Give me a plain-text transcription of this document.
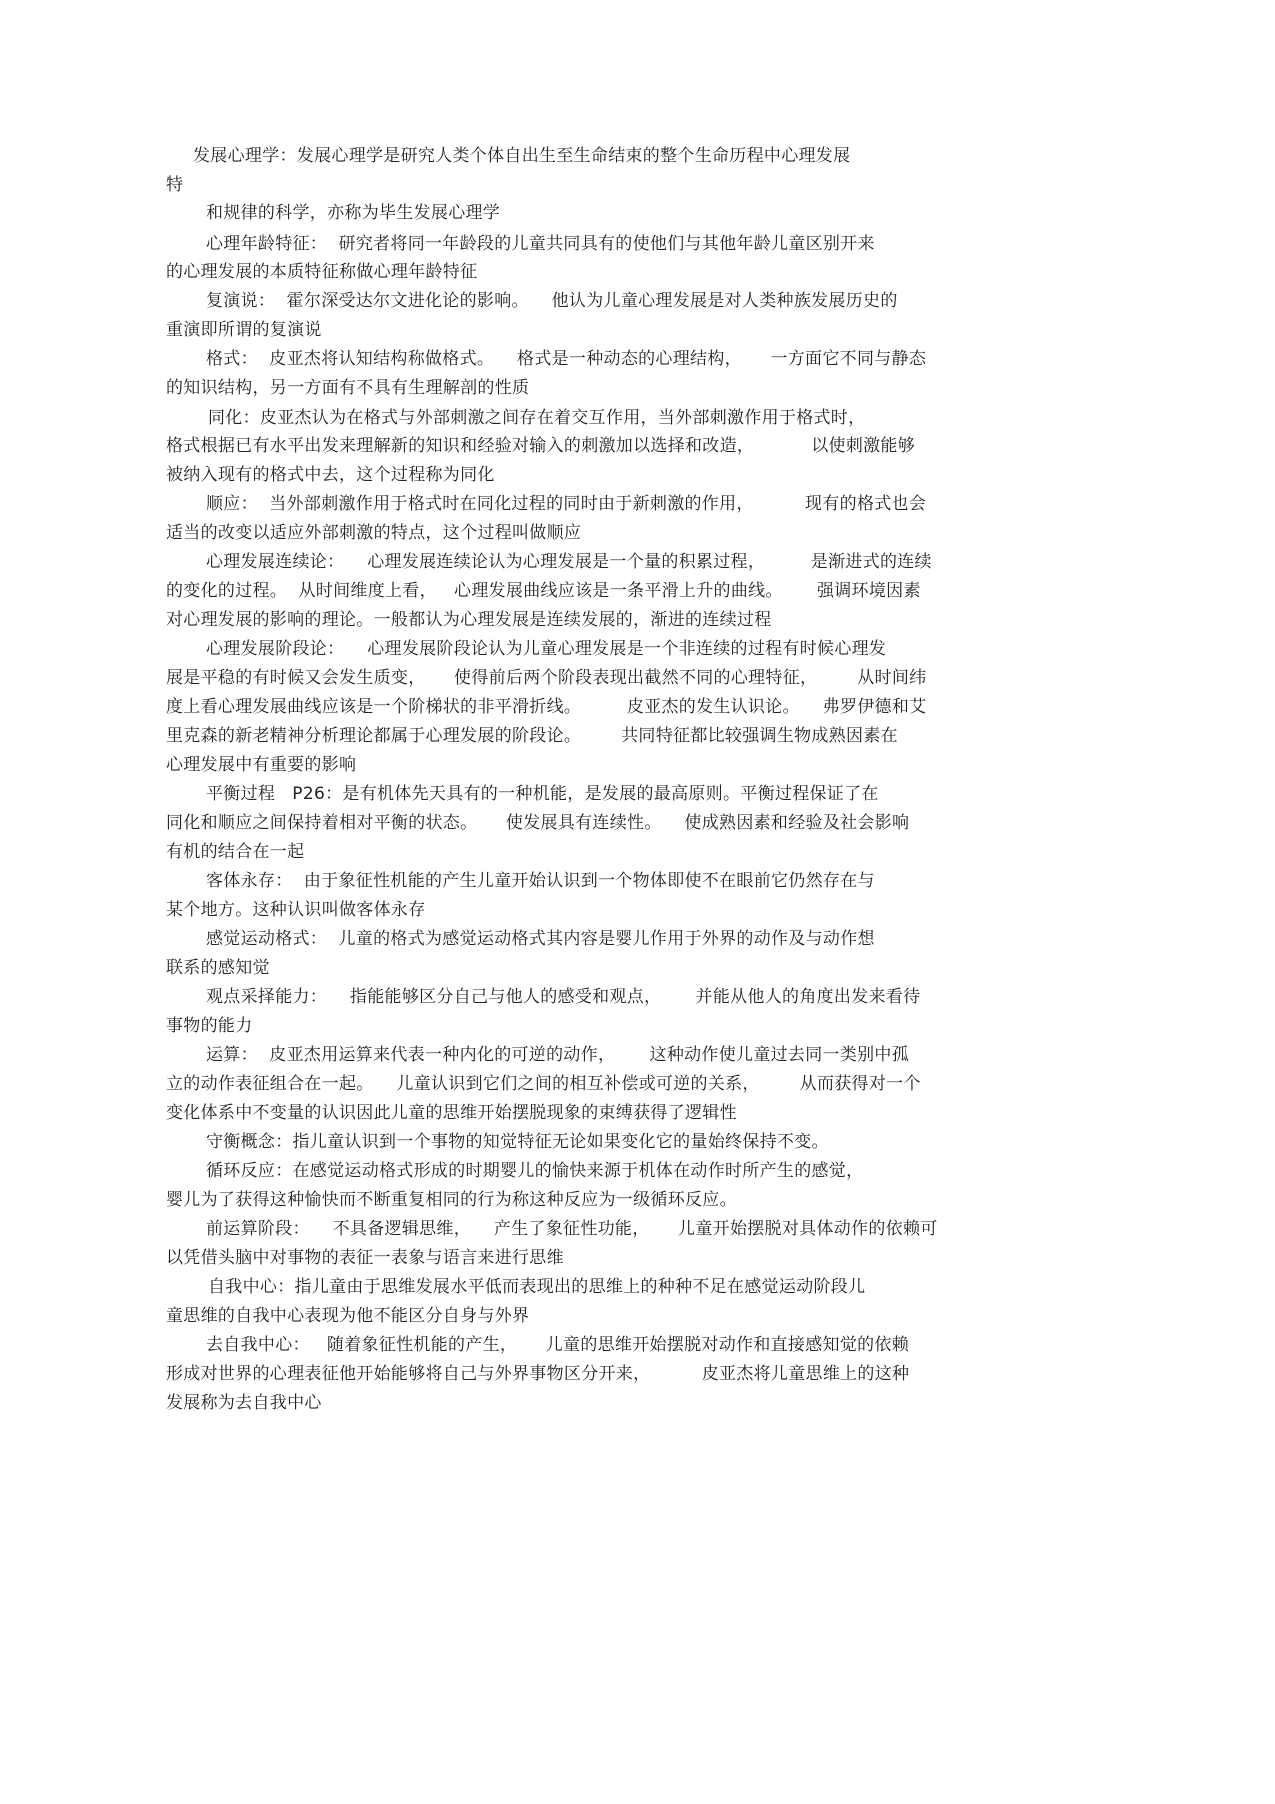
发展心理学：发展心理学是研究人类个体自出生至生命结束的整个生命历程中心理发展
特
和规律的科学，亦称为毕生发展心理学
心理年龄特征：  研究者将同一年龄段的儿童共同具有的使他们与其他年龄儿童区别开来
的心理发展的本质特征称做心理年龄特征
复演说：  霍尔深受达尔文进化论的影响。    他认为儿童心理发展是对人类种族发展历史的
重演即所谓的复演说
格式：  皮亚杰将认知结构称做格式。    格式是一种动态的心理结构，     一方面它不同与静态
的知识结构，另一方面有不具有生理解剖的性质
同化：皮亚杰认为在格式与外部刺激之间存在着交互作用，当外部刺激作用于格式时，
格式根据已有水平出发来理解新的知识和经验对输入的刺激加以选择和改造，          以使刺激能够
被纳入现有的格式中去，这个过程称为同化
顺应：  当外部刺激作用于格式时在同化过程的同时由于新刺激的作用，         现有的格式也会
适当的改变以适应外部刺激的特点，这个过程叫做顺应
心理发展连续论：    心理发展连续论认为心理发展是一个量的积累过程，        是渐进式的连续
的变化的过程。  从时间维度上看，   心理发展曲线应该是一条平滑上升的曲线。      强调环境因素
对心理发展的影响的理论。一般都认为心理发展是连续发展的，渐进的连续过程
心理发展阶段论：    心理发展阶段论认为儿童心理发展是一个非连续的过程有时候心理发
展是平稳的有时候又会发生质变，     使得前后两个阶段表现出截然不同的心理特征，       从时间纬
度上看心理发展曲线应该是一个阶梯状的非平滑折线。        皮亚杰的发生认识论。    弗罗伊德和艾
里克森的新老精神分析理论都属于心理发展的阶段论。       共同特征都比较强调生物成熟因素在
心理发展中有重要的影响
平衡过程   P26：是有机体先天具有的一种机能，是发展的最高原则。平衡过程保证了在
同化和顺应之间保持着相对平衡的状态。     使发展具有连续性。    使成熟因素和经验及社会影响
有机的结合在一起
客体永存：  由于象征性机能的产生儿童开始认识到一个物体即使不在眼前它仍然存在与
某个地方。这种认识叫做客体永存
感觉运动格式：  儿童的格式为感觉运动格式其内容是婴儿作用于外界的动作及与动作想
联系的感知觉
观点采择能力：    指能能够区分自己与他人的感受和观点，      并能从他人的角度出发来看待
事物的能力
运算：  皮亚杰用运算来代表一种内化的可逆的动作，      这种动作使儿童过去同一类别中孤
立的动作表征组合在一起。    儿童认识到它们之间的相互补偿或可逆的关系，       从而获得对一个
变化体系中不变量的认识因此儿童的思维开始摆脱现象的束缚获得了逻辑性
守衡概念：指儿童认识到一个事物的知觉特征无论如果变化它的量始终保持不变。
循环反应：在感觉运动格式形成的时期婴儿的愉快来源于机体在动作时所产生的感觉，
婴儿为了获得这种愉快而不断重复相同的行为称这种反应为一级循环反应。
前运算阶段：    不具备逻辑思维，    产生了象征性功能，     儿童开始摆脱对具体动作的依赖可
以凭借头脑中对事物的表征一表象与语言来进行思维
自我中心：指儿童由于思维发展水平低而表现出的思维上的种种不足在感觉运动阶段儿
童思维的自我中心表现为他不能区分自身与外界
去自我中心：   随着象征性机能的产生，     儿童的思维开始摆脱对动作和直接感知觉的依赖
形成对世界的心理表征他开始能够将自己与外界事物区分开来，         皮亚杰将儿童思维上的这种
发展称为去自我中心
